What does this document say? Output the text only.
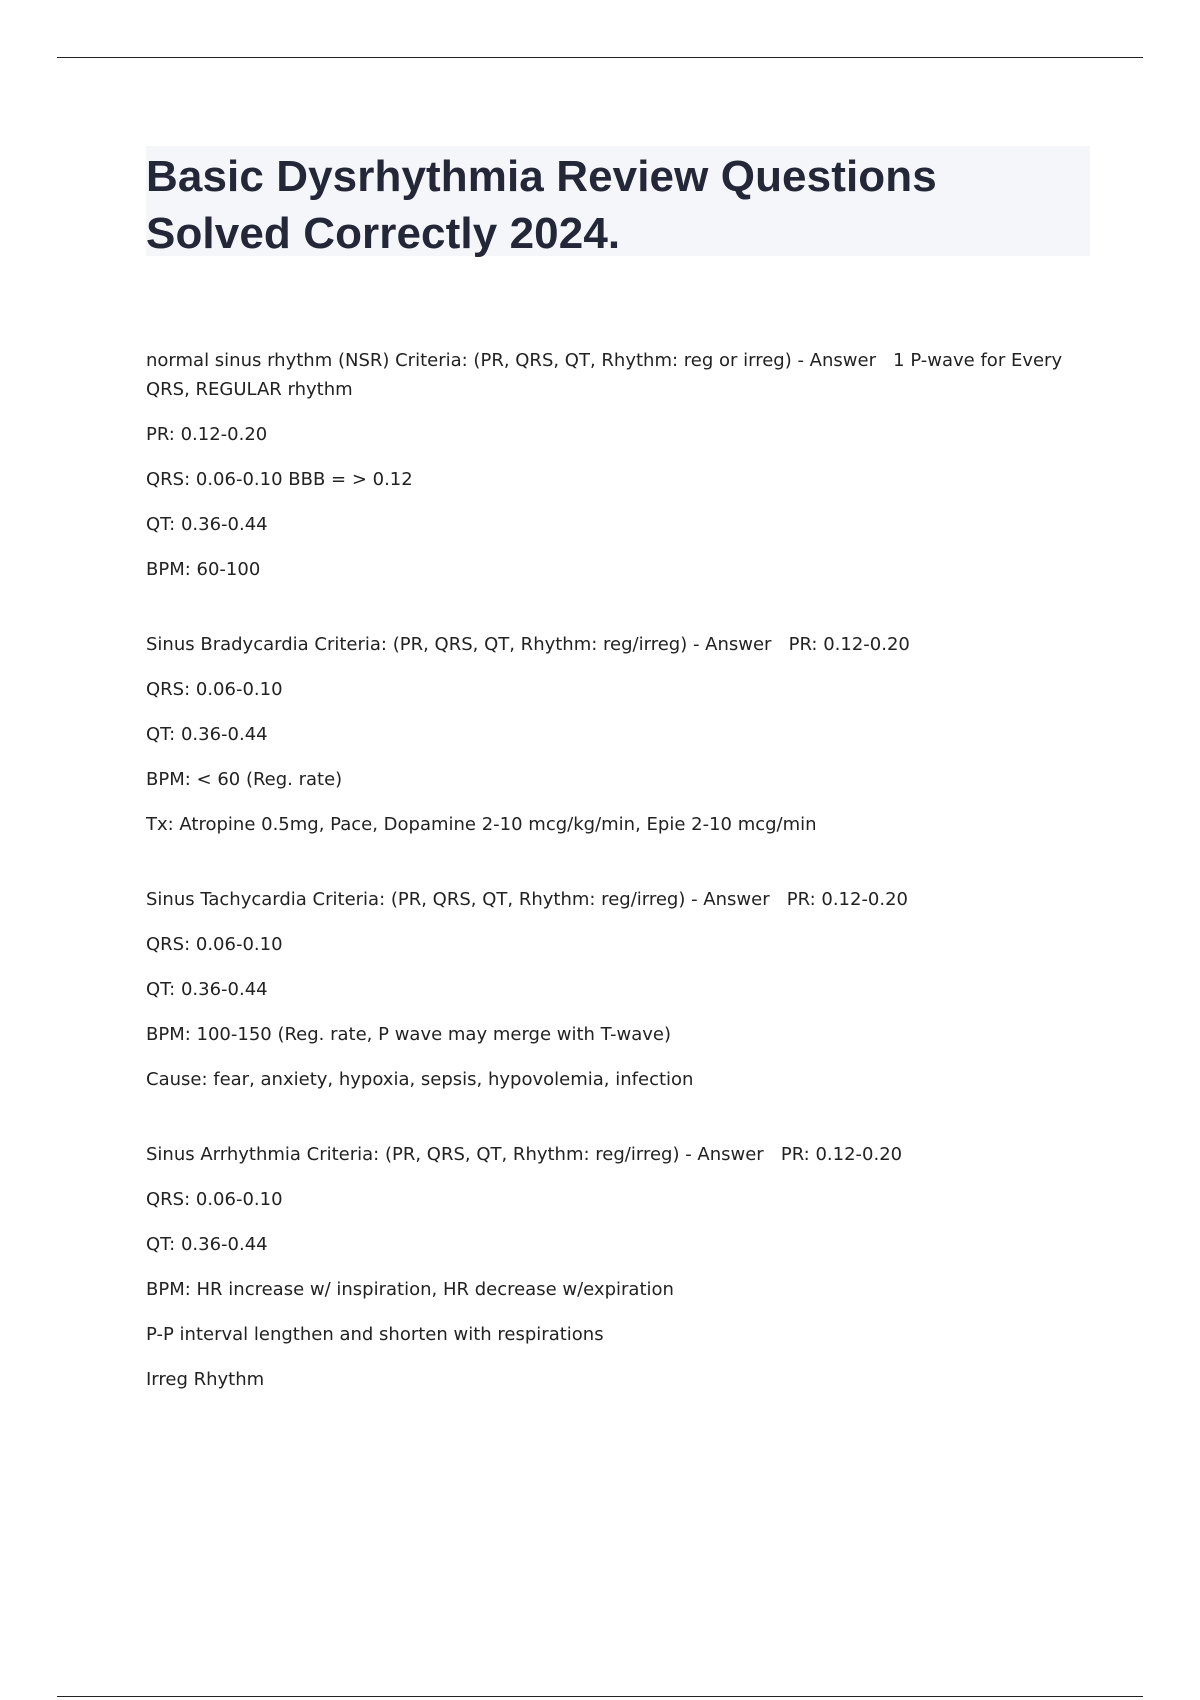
Basic Dysrhythmia Review Questions Solved Correctly 2024.
normal sinus rhythm (NSR) Criteria: (PR, QRS, QT, Rhythm: reg or irreg) - Answer   1 P-wave for Every QRS, REGULAR rhythm
PR: 0.12-0.20
QRS: 0.06-0.10 BBB = > 0.12
QT: 0.36-0.44
BPM: 60-100
Sinus Bradycardia Criteria: (PR, QRS, QT, Rhythm: reg/irreg) - Answer   PR: 0.12-0.20
QRS: 0.06-0.10
QT: 0.36-0.44
BPM: < 60 (Reg. rate)
Tx: Atropine 0.5mg, Pace, Dopamine 2-10 mcg/kg/min, Epie 2-10 mcg/min
Sinus Tachycardia Criteria: (PR, QRS, QT, Rhythm: reg/irreg) - Answer   PR: 0.12-0.20
QRS: 0.06-0.10
QT: 0.36-0.44
BPM: 100-150 (Reg. rate, P wave may merge with T-wave)
Cause: fear, anxiety, hypoxia, sepsis, hypovolemia, infection
Sinus Arrhythmia Criteria: (PR, QRS, QT, Rhythm: reg/irreg) - Answer   PR: 0.12-0.20
QRS: 0.06-0.10
QT: 0.36-0.44
BPM: HR increase w/ inspiration, HR decrease w/expiration
P-P interval lengthen and shorten with respirations
Irreg Rhythm
